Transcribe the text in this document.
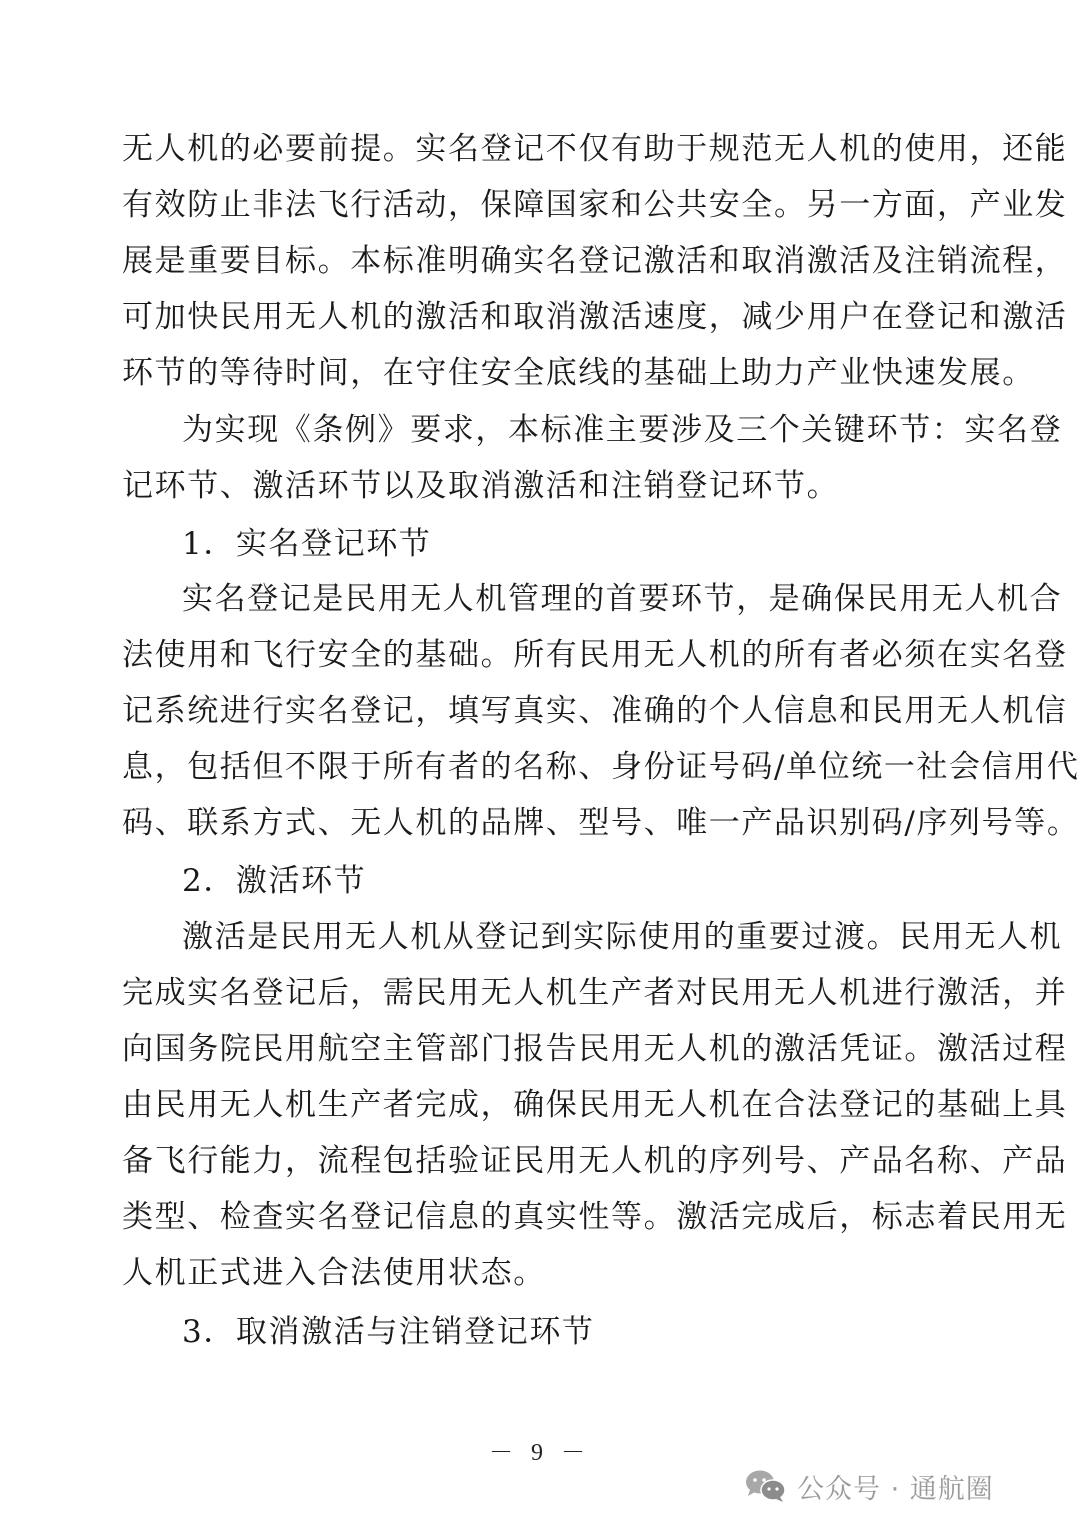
无人机的必要前提。实名登记不仅有助于规范无人机的使用，还能
有效防止非法飞行活动，保障国家和公共安全。另一方面，产业发
展是重要目标。本标准明确实名登记激活和取消激活及注销流程，
可加快民用无人机的激活和取消激活速度，减少用户在登记和激活
环节的等待时间，在守住安全底线的基础上助力产业快速发展。
为实现《条例》要求，本标准主要涉及三个关键环节：实名登
记环节、激活环节以及取消激活和注销登记环节。
1．实名登记环节
实名登记是民用无人机管理的首要环节，是确保民用无人机合
法使用和飞行安全的基础。所有民用无人机的所有者必须在实名登
记系统进行实名登记，填写真实、准确的个人信息和民用无人机信
息，包括但不限于所有者的名称、身份证号码/单位统一社会信用代
码、联系方式、无人机的品牌、型号、唯一产品识别码/序列号等。
2．激活环节
激活是民用无人机从登记到实际使用的重要过渡。民用无人机
完成实名登记后，需民用无人机生产者对民用无人机进行激活，并
向国务院民用航空主管部门报告民用无人机的激活凭证。激活过程
由民用无人机生产者完成，确保民用无人机在合法登记的基础上具
备飞行能力，流程包括验证民用无人机的序列号、产品名称、产品
类型、检查实名登记信息的真实性等。激活完成后，标志着民用无
人机正式进入合法使用状态。
3．取消激活与注销登记环节
－ 9 －
公众号 · 通航圈
